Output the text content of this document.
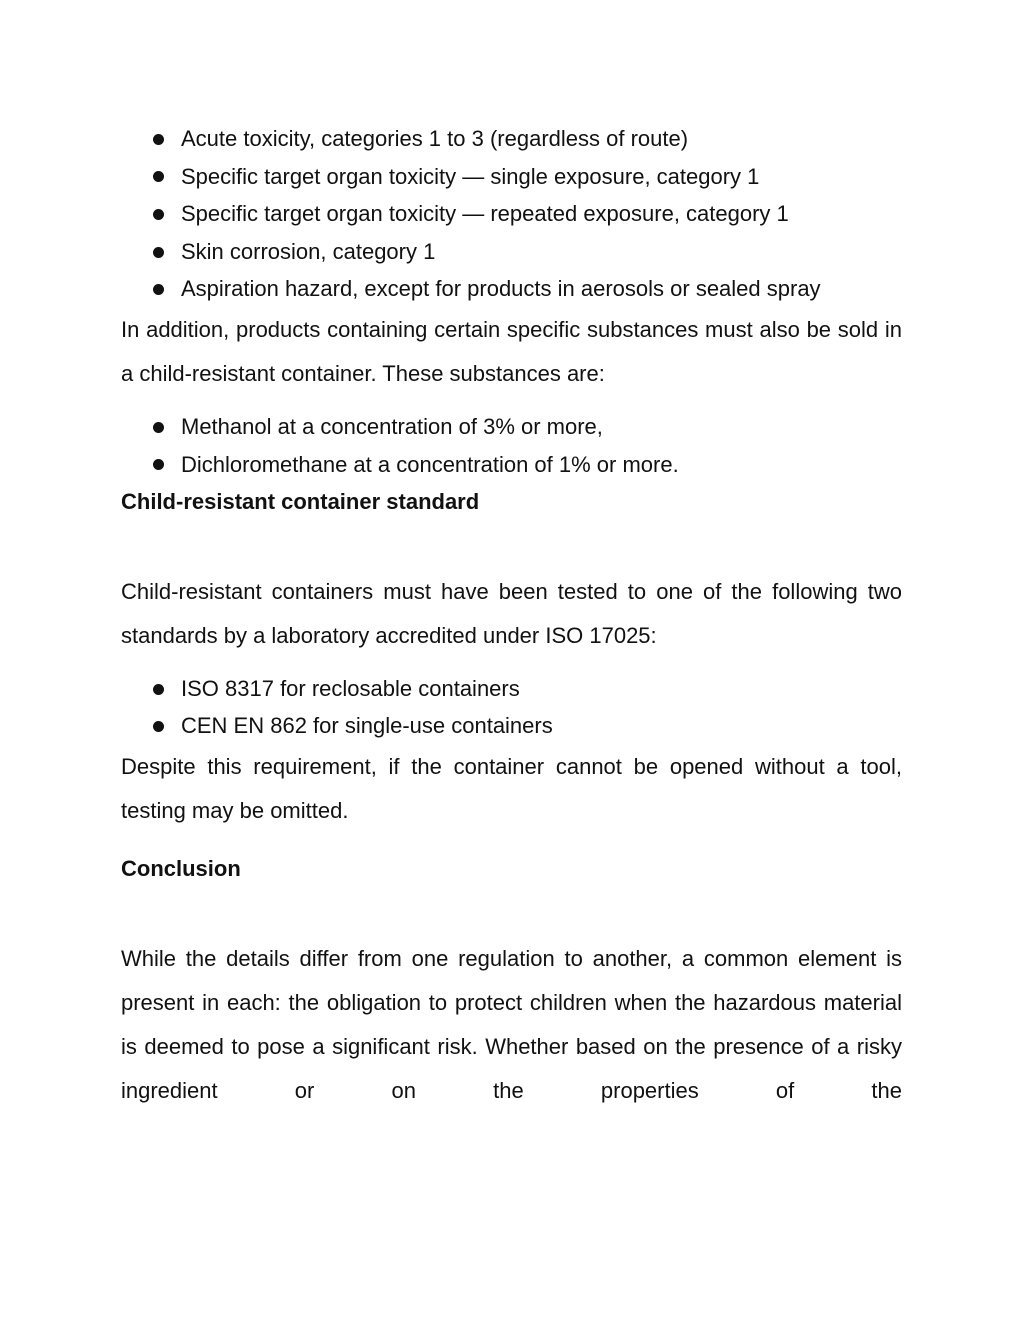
Acute toxicity, categories 1 to 3 (regardless of route)
Specific target organ toxicity — single exposure, category 1
Specific target organ toxicity — repeated exposure, category 1
Skin corrosion, category 1
Aspiration hazard, except for products in aerosols or sealed spray

In addition, products containing certain specific substances must also be sold in a child-resistant container. These substances are:

Methanol at a concentration of 3% or more,
Dichloromethane at a concentration of 1% or more.
Child-resistant container standard

Child-resistant containers must have been tested to one of the following two standards by a laboratory accredited under ISO 17025:

ISO 8317 for reclosable containers
CEN EN 862 for single-use containers

Despite this requirement, if the container cannot be opened without a tool, testing may be omitted.

Conclusion

While the details differ from one regulation to another, a common element is present in each: the obligation to protect children when the hazardous material is deemed to pose a significant risk. Whether based on the presence of a risky ingredient or on the properties of the
